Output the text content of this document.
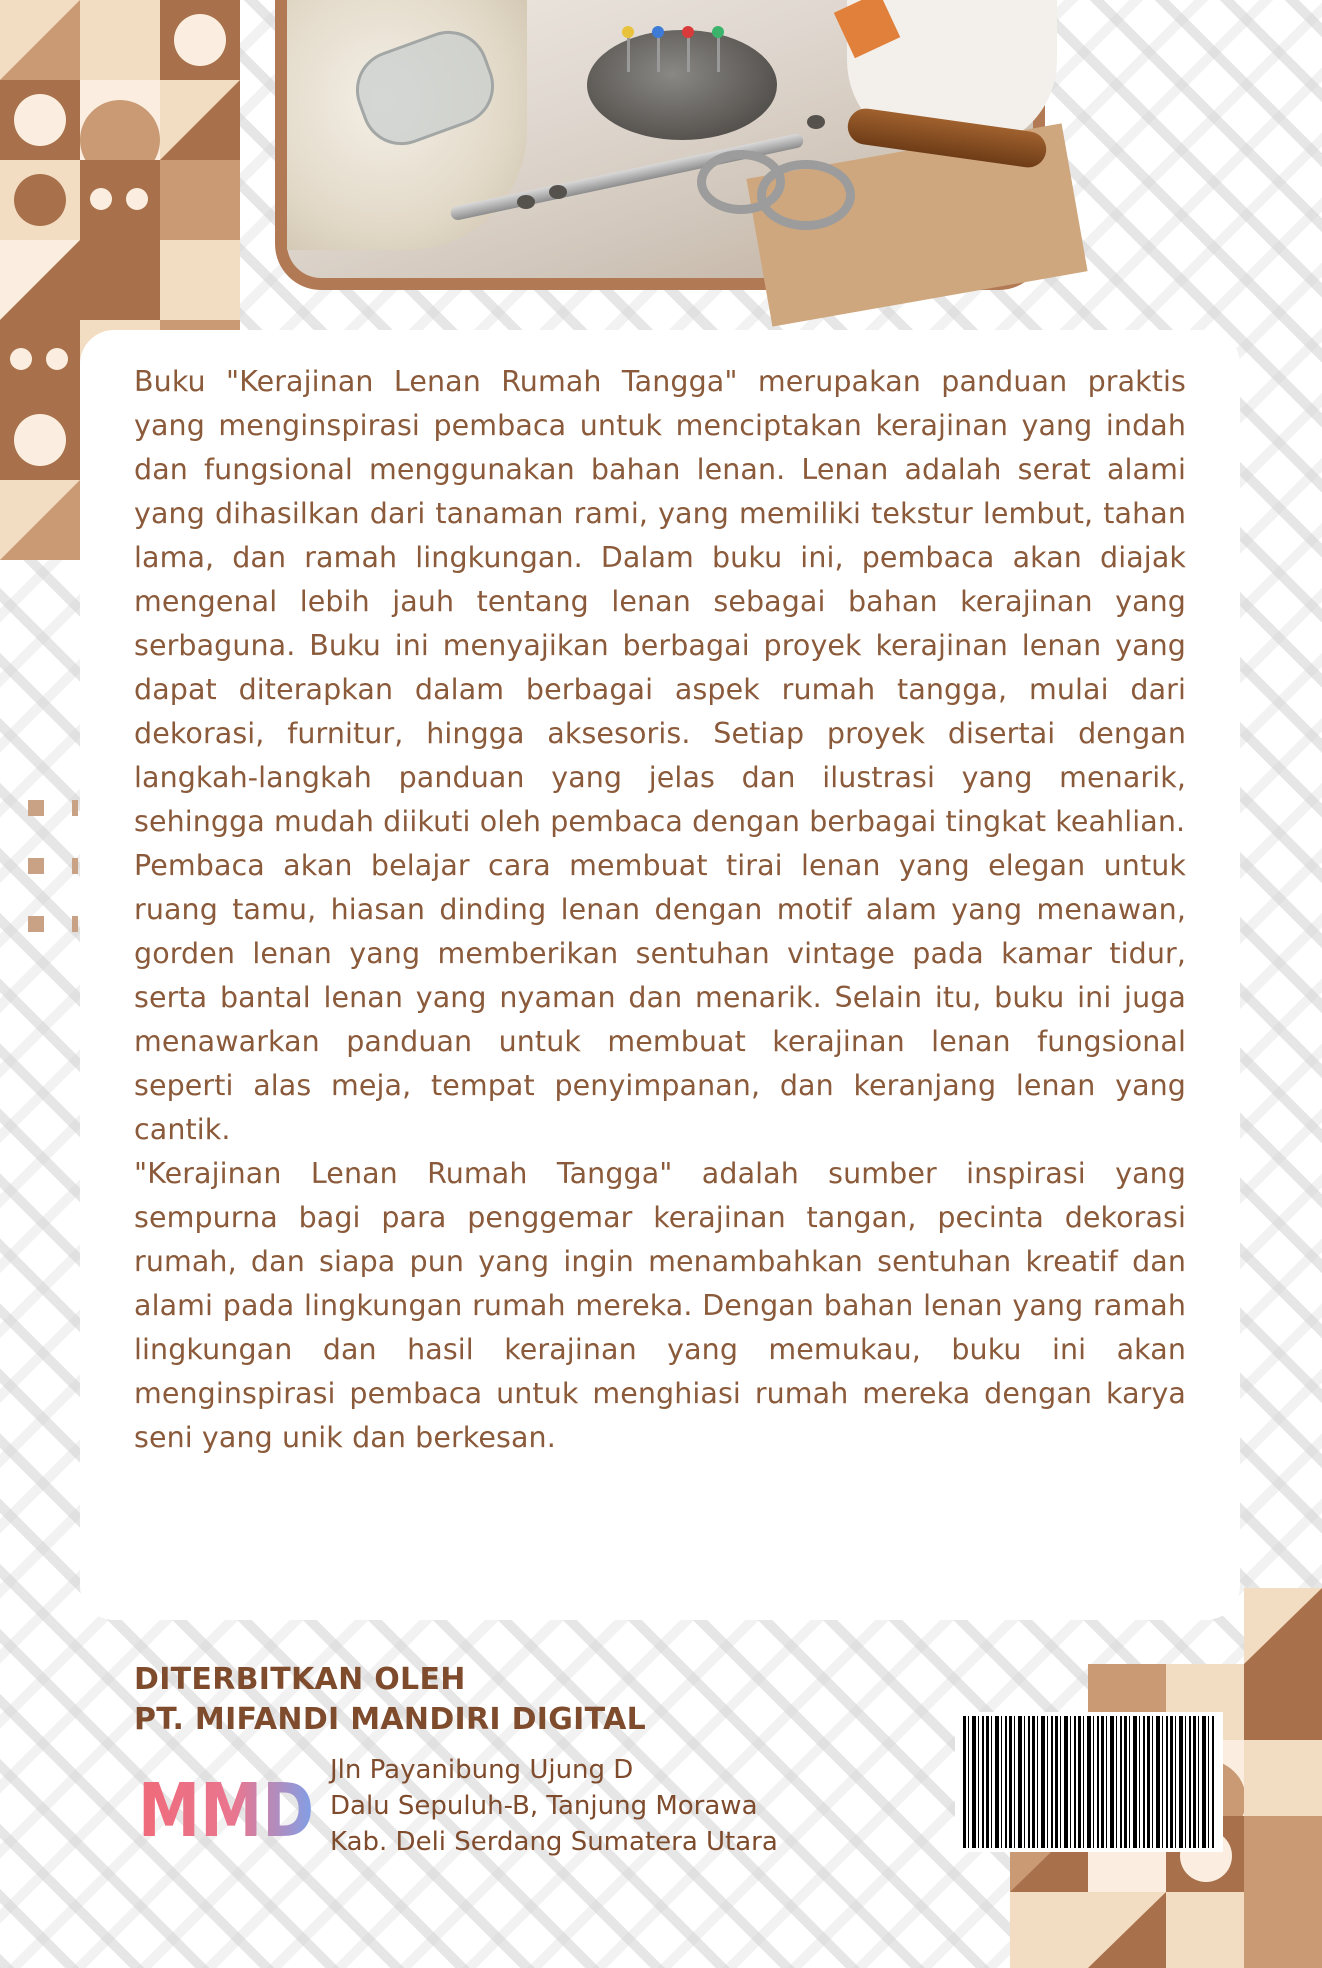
Buku "Kerajinan Lenan Rumah Tangga" merupakan panduan praktis yang menginspirasi pembaca untuk menciptakan kerajinan yang indah dan fungsional menggunakan bahan lenan. Lenan adalah serat alami yang dihasilkan dari tanaman rami, yang memiliki tekstur lembut, tahan lama, dan ramah lingkungan. Dalam buku ini, pembaca akan diajak mengenal lebih jauh tentang lenan sebagai bahan kerajinan yang serbaguna. Buku ini menyajikan berbagai proyek kerajinan lenan yang dapat diterapkan dalam berbagai aspek rumah tangga, mulai dari dekorasi, furnitur, hingga aksesoris. Setiap proyek disertai dengan langkah-langkah panduan yang jelas dan ilustrasi yang menarik, sehingga mudah diikuti oleh pembaca dengan berbagai tingkat keahlian.

Pembaca akan belajar cara membuat tirai lenan yang elegan untuk ruang tamu, hiasan dinding lenan dengan motif alam yang menawan, gorden lenan yang memberikan sentuhan vintage pada kamar tidur, serta bantal lenan yang nyaman dan menarik. Selain itu, buku ini juga menawarkan panduan untuk membuat kerajinan lenan fungsional seperti alas meja, tempat penyimpanan, dan keranjang lenan yang cantik.

"Kerajinan Lenan Rumah Tangga" adalah sumber inspirasi yang sempurna bagi para penggemar kerajinan tangan, pecinta dekorasi rumah, dan siapa pun yang ingin menambahkan sentuhan kreatif dan alami pada lingkungan rumah mereka. Dengan bahan lenan yang ramah lingkungan dan hasil kerajinan yang memukau, buku ini akan menginspirasi pembaca untuk menghiasi rumah mereka dengan karya seni yang unik dan berkesan.

DITERBITKAN OLEH
PT. MIFANDI MANDIRI DIGITAL
MMD Jln Payanibung Ujung D
Dalu Sepuluh-B, Tanjung Morawa
Kab. Deli Serdang Sumatera Utara
